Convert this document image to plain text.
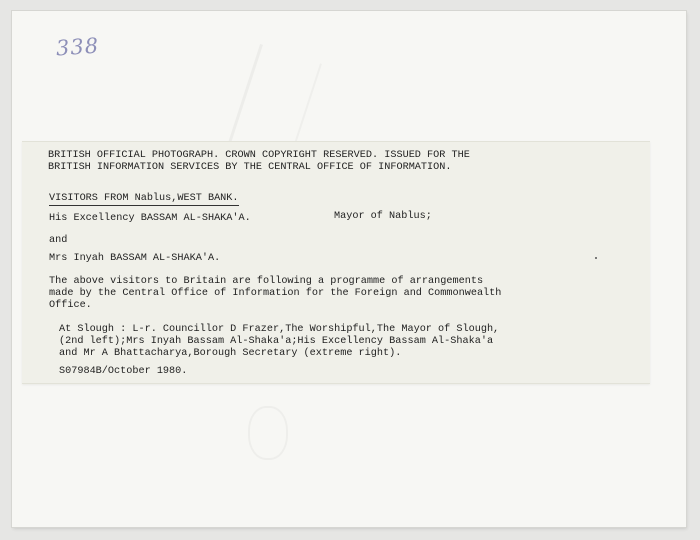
338
BRITISH OFFICIAL PHOTOGRAPH. CROWN COPYRIGHT RESERVED. ISSUED FOR THE
BRITISH INFORMATION SERVICES BY THE CENTRAL OFFICE OF INFORMATION.
VISITORS FROM Nablus,WEST BANK.
His Excellency BASSAM AL-SHAKA'A.	Mayor of Nablus;
and
Mrs Inyah BASSAM AL-SHAKA'A.
The above visitors to Britain are following a programme of arrangements
made by the Central Office of Information for the Foreign and Commonwealth
Office.
At Slough : L-r. Councillor D Frazer,The Worshipful,The Mayor of Slough,
(2nd left);Mrs Inyah Bassam Al-Shaka'a;His Excellency Bassam Al-Shaka'a
and Mr A Bhattacharya,Borough Secretary (extreme right).
S07984B/October 1980.
